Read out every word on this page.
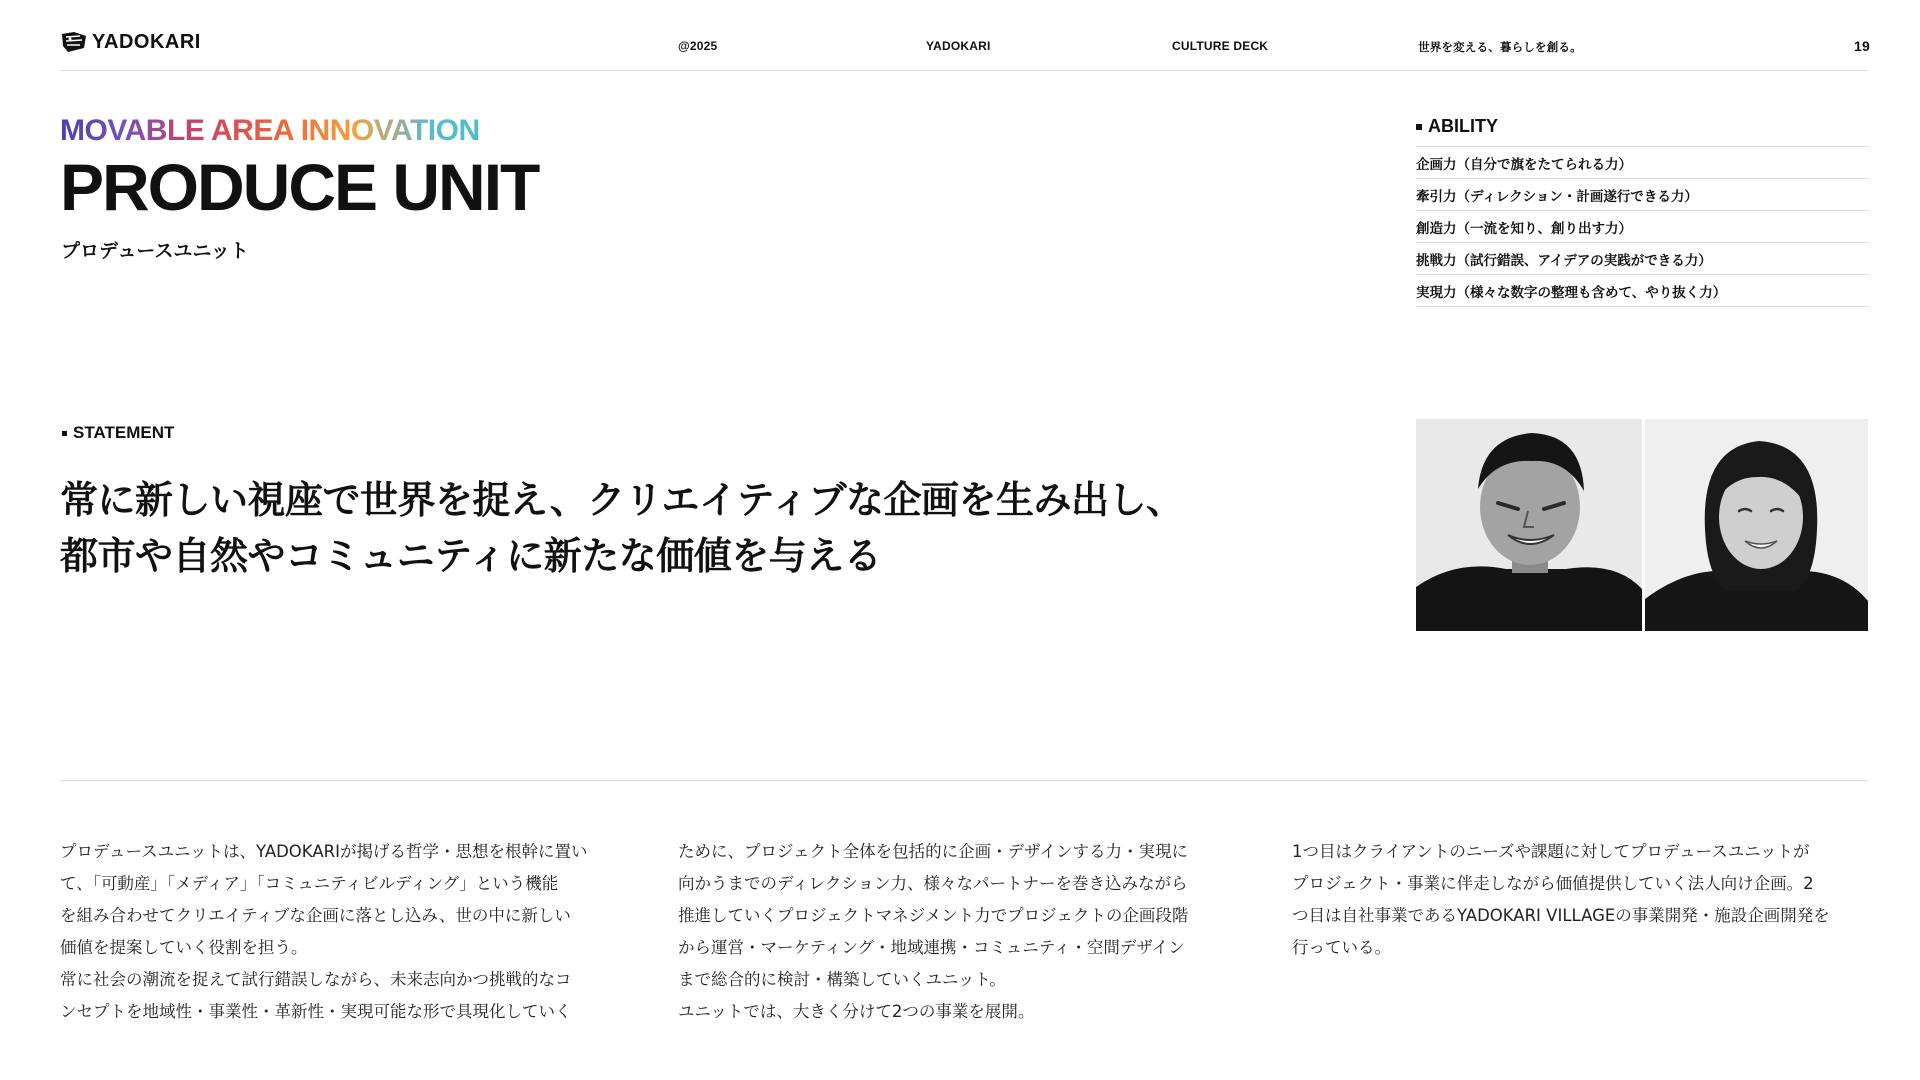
YADOKARI	@2025	YADOKARI	CULTURE DECK	世界を変える、暮らしを創る。	19
MOVABLE AREA INNOVATION
PRODUCE UNIT
プロデュースユニット
ABILITY
企画力（自分で旗をたてられる力）
牽引力（ディレクション・計画遂行できる力）
創造力（一流を知り、創り出す力）
挑戦力（試行錯誤、アイデアの実践ができる力）
実現力（様々な数字の整理も含めて、やり抜く力）
STATEMENT
常に新しい視座で世界を捉え、クリエイティブな企画を生み出し、
都市や自然やコミュニティに新たな価値を与える

プロデュースユニットは、YADOKARIが掲げる哲学・思想を根幹に置い

て、「可動産」「メディア」「コミュニティビルディング」という機能

を組み合わせてクリエイティブな企画に落とし込み、世の中に新しい

価値を提案していく役割を担う。

常に社会の潮流を捉えて試行錯誤しながら、未来志向かつ挑戦的なコ

ンセプトを地域性・事業性・革新性・実現可能な形で具現化していく

ために、プロジェクト全体を包括的に企画・デザインする力・実現に

向かうまでのディレクション力、様々なパートナーを巻き込みながら

推進していくプロジェクトマネジメント力でプロジェクトの企画段階

から運営・マーケティング・地域連携・コミュニティ・空間デザイン

まで総合的に検討・構築していくユニット。

ユニットでは、大きく分けて2つの事業を展開。

1つ目はクライアントのニーズや課題に対してプロデュースユニットが

プロジェクト・事業に伴走しながら価値提供していく法人向け企画。2

つ目は自社事業であるYADOKARI VILLAGEの事業開発・施設企画開発を

行っている。
